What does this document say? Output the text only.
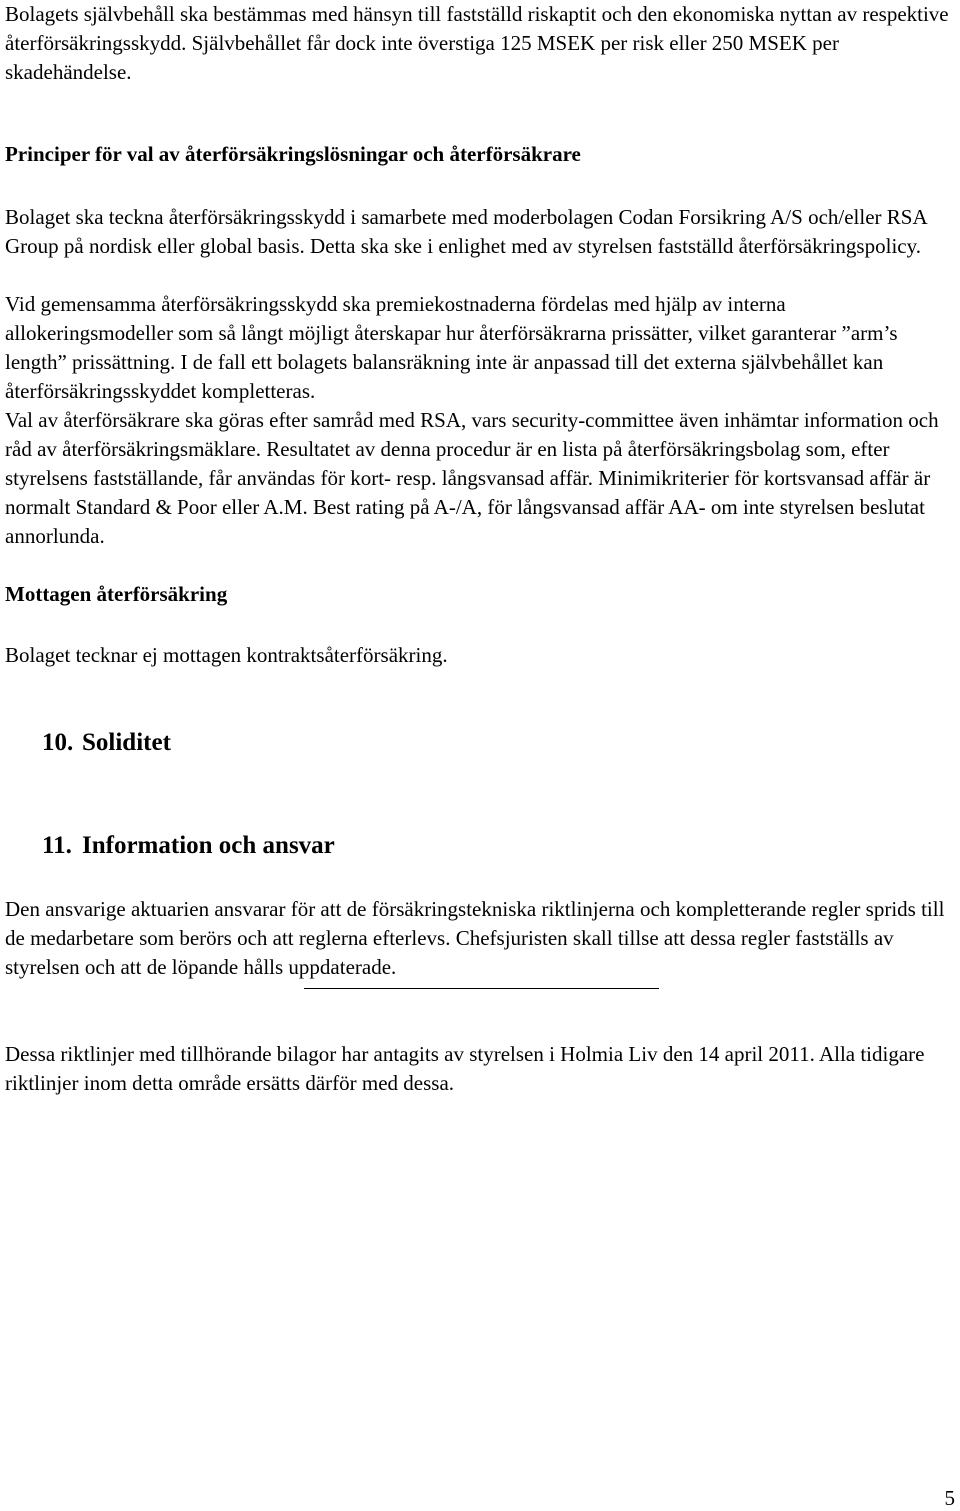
Bolagets självbehåll ska bestämmas med hänsyn till fastställd riskaptit och den ekonomiska nyttan av respektive återförsäkringsskydd. Självbehållet får dock inte överstiga 125 MSEK per risk eller 250 MSEK per skadehändelse.

Principer för val av återförsäkringslösningar och återförsäkrare

Bolaget ska teckna återförsäkringsskydd i samarbete med moderbolagen Codan Forsikring A/S och/eller RSA Group på nordisk eller global basis. Detta ska ske i enlighet med av styrelsen fastställd återförsäkringspolicy.

Vid gemensamma återförsäkringsskydd ska premiekostnaderna fördelas med hjälp av interna allokeringsmodeller som så långt möjligt återskapar hur återförsäkrarna prissätter, vilket garanterar ”arm’s length” prissättning. I de fall ett bolagets balansräkning inte är anpassad till det externa självbehållet kan återförsäkringsskyddet kompletteras.

Val av återförsäkrare ska göras efter samråd med RSA, vars security-committee även inhämtar information och råd av återförsäkringsmäklare. Resultatet av denna procedur är en lista på återförsäkringsbolag som, efter styrelsens fastställande, får användas för kort- resp. långsvansad affär. Minimikriterier för kortsvansad affär är normalt Standard & Poor eller A.M. Best rating på A-/A, för långsvansad affär AA- om inte styrelsen beslutat annorlunda.

Mottagen återförsäkring

Bolaget tecknar ej mottagen kontraktsåterförsäkring.

10. Soliditet
11. Information och ansvar

Den ansvarige aktuarien ansvarar för att de försäkringstekniska riktlinjerna och kompletterande regler sprids till de medarbetare som berörs och att reglerna efterlevs. Chefsjuristen skall tillse att dessa regler fastställs av styrelsen och att de löpande hålls uppdaterade.

Dessa riktlinjer med tillhörande bilagor har antagits av styrelsen i Holmia Liv den 14 april 2011. Alla tidigare riktlinjer inom detta område ersätts därför med dessa.

5
